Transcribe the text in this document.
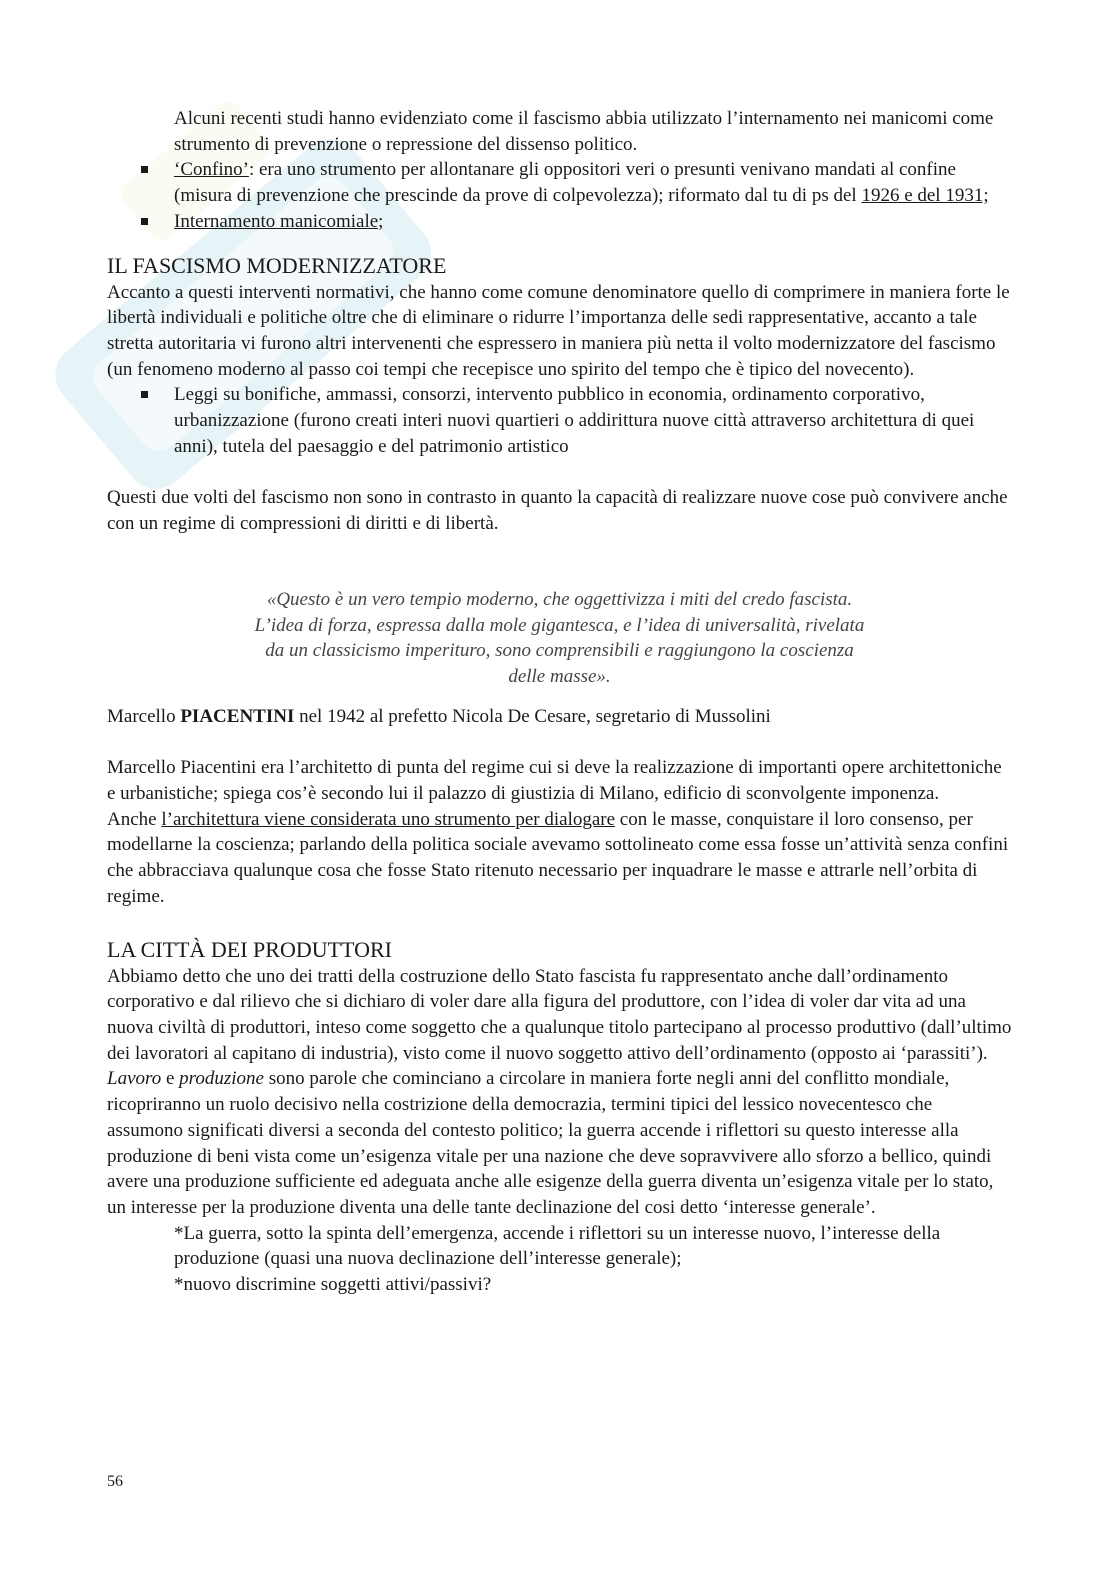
Alcuni recenti studi hanno evidenziato come il fascismo abbia utilizzato l’internamento nei manicomi come strumento di prevenzione o repressione del dissenso politico.

‘Confino’: era uno strumento per allontanare gli oppositori veri o presunti venivano mandati al confine (misura di prevenzione che prescinde da prove di colpevolezza); riformato dal tu di ps del 1926 e del 1931;
Internamento manicomiale;
IL FASCISMO MODERNIZZATORE

Accanto a questi interventi normativi, che hanno come comune denominatore quello di comprimere in maniera forte le libertà individuali e politiche oltre che di eliminare o ridurre l’importanza delle sedi rappresentative, accanto a tale stretta autoritaria vi furono altri intervenenti che espressero in maniera più netta il volto modernizzatore del fascismo (un fenomeno moderno al passo coi tempi che recepisce uno spirito del tempo che è tipico del novecento).

Leggi su bonifiche, ammassi, consorzi, intervento pubblico in economia, ordinamento corporativo, urbanizzazione (furono creati interi nuovi quartieri o addirittura nuove città attraverso architettura di quei anni), tutela del paesaggio e del patrimonio artistico

Questi due volti del fascismo non sono in contrasto in quanto la capacità di realizzare nuove cose può convivere anche con un regime di compressioni di diritti e di libertà.

«Questo è un vero tempio moderno, che oggettivizza i miti del credo fascista.
L’idea di forza, espressa dalla mole gigantesca, e l’idea di universalità, rivelata
da un classicismo imperituro, sono comprensibili e raggiungono la coscienza
delle masse».

Marcello PIACENTINI nel 1942 al prefetto Nicola De Cesare, segretario di Mussolini

Marcello Piacentini era l’architetto di punta del regime cui si deve la realizzazione di importanti opere architettoniche e urbanistiche; spiega cos’è secondo lui il palazzo di giustizia di Milano, edificio di sconvolgente imponenza.

Anche l’architettura viene considerata uno strumento per dialogare con le masse, conquistare il loro consenso, per modellarne la coscienza; parlando della politica sociale avevamo sottolineato come essa fosse un’attività senza confini che abbracciava qualunque cosa che fosse Stato ritenuto necessario per inquadrare le masse e attrarle nell’orbita di regime.

LA CITTÀ DEI PRODUTTORI

Abbiamo detto che uno dei tratti della costruzione dello Stato fascista fu rappresentato anche dall’ordinamento corporativo e dal rilievo che si dichiaro di voler dare alla figura del produttore, con l’idea di voler dar vita ad una nuova civiltà di produttori, inteso come soggetto che a qualunque titolo partecipano al processo produttivo (dall’ultimo dei lavoratori al capitano di industria), visto come il nuovo soggetto attivo dell’ordinamento (opposto ai ‘parassiti’).

Lavoro e produzione sono parole che cominciano a circolare in maniera forte negli anni del conflitto mondiale, ricopriranno un ruolo decisivo nella costrizione della democrazia, termini tipici del lessico novecentesco che assumono significati diversi a seconda del contesto politico; la guerra accende i riflettori su questo interesse alla produzione di beni vista come un’esigenza vitale per una nazione che deve sopravvivere allo sforzo a bellico, quindi avere una produzione sufficiente ed adeguata anche alle esigenze della guerra diventa un’esigenza vitale per lo stato, un interesse per la produzione diventa una delle tante declinazione del cosi detto ‘interesse generale’.

*La guerra, sotto la spinta dell’emergenza, accende i riflettori su un interesse nuovo, l’interesse della produzione (quasi una nuova declinazione dell’interesse generale);

*nuovo discrimine soggetti attivi/passivi?

56
